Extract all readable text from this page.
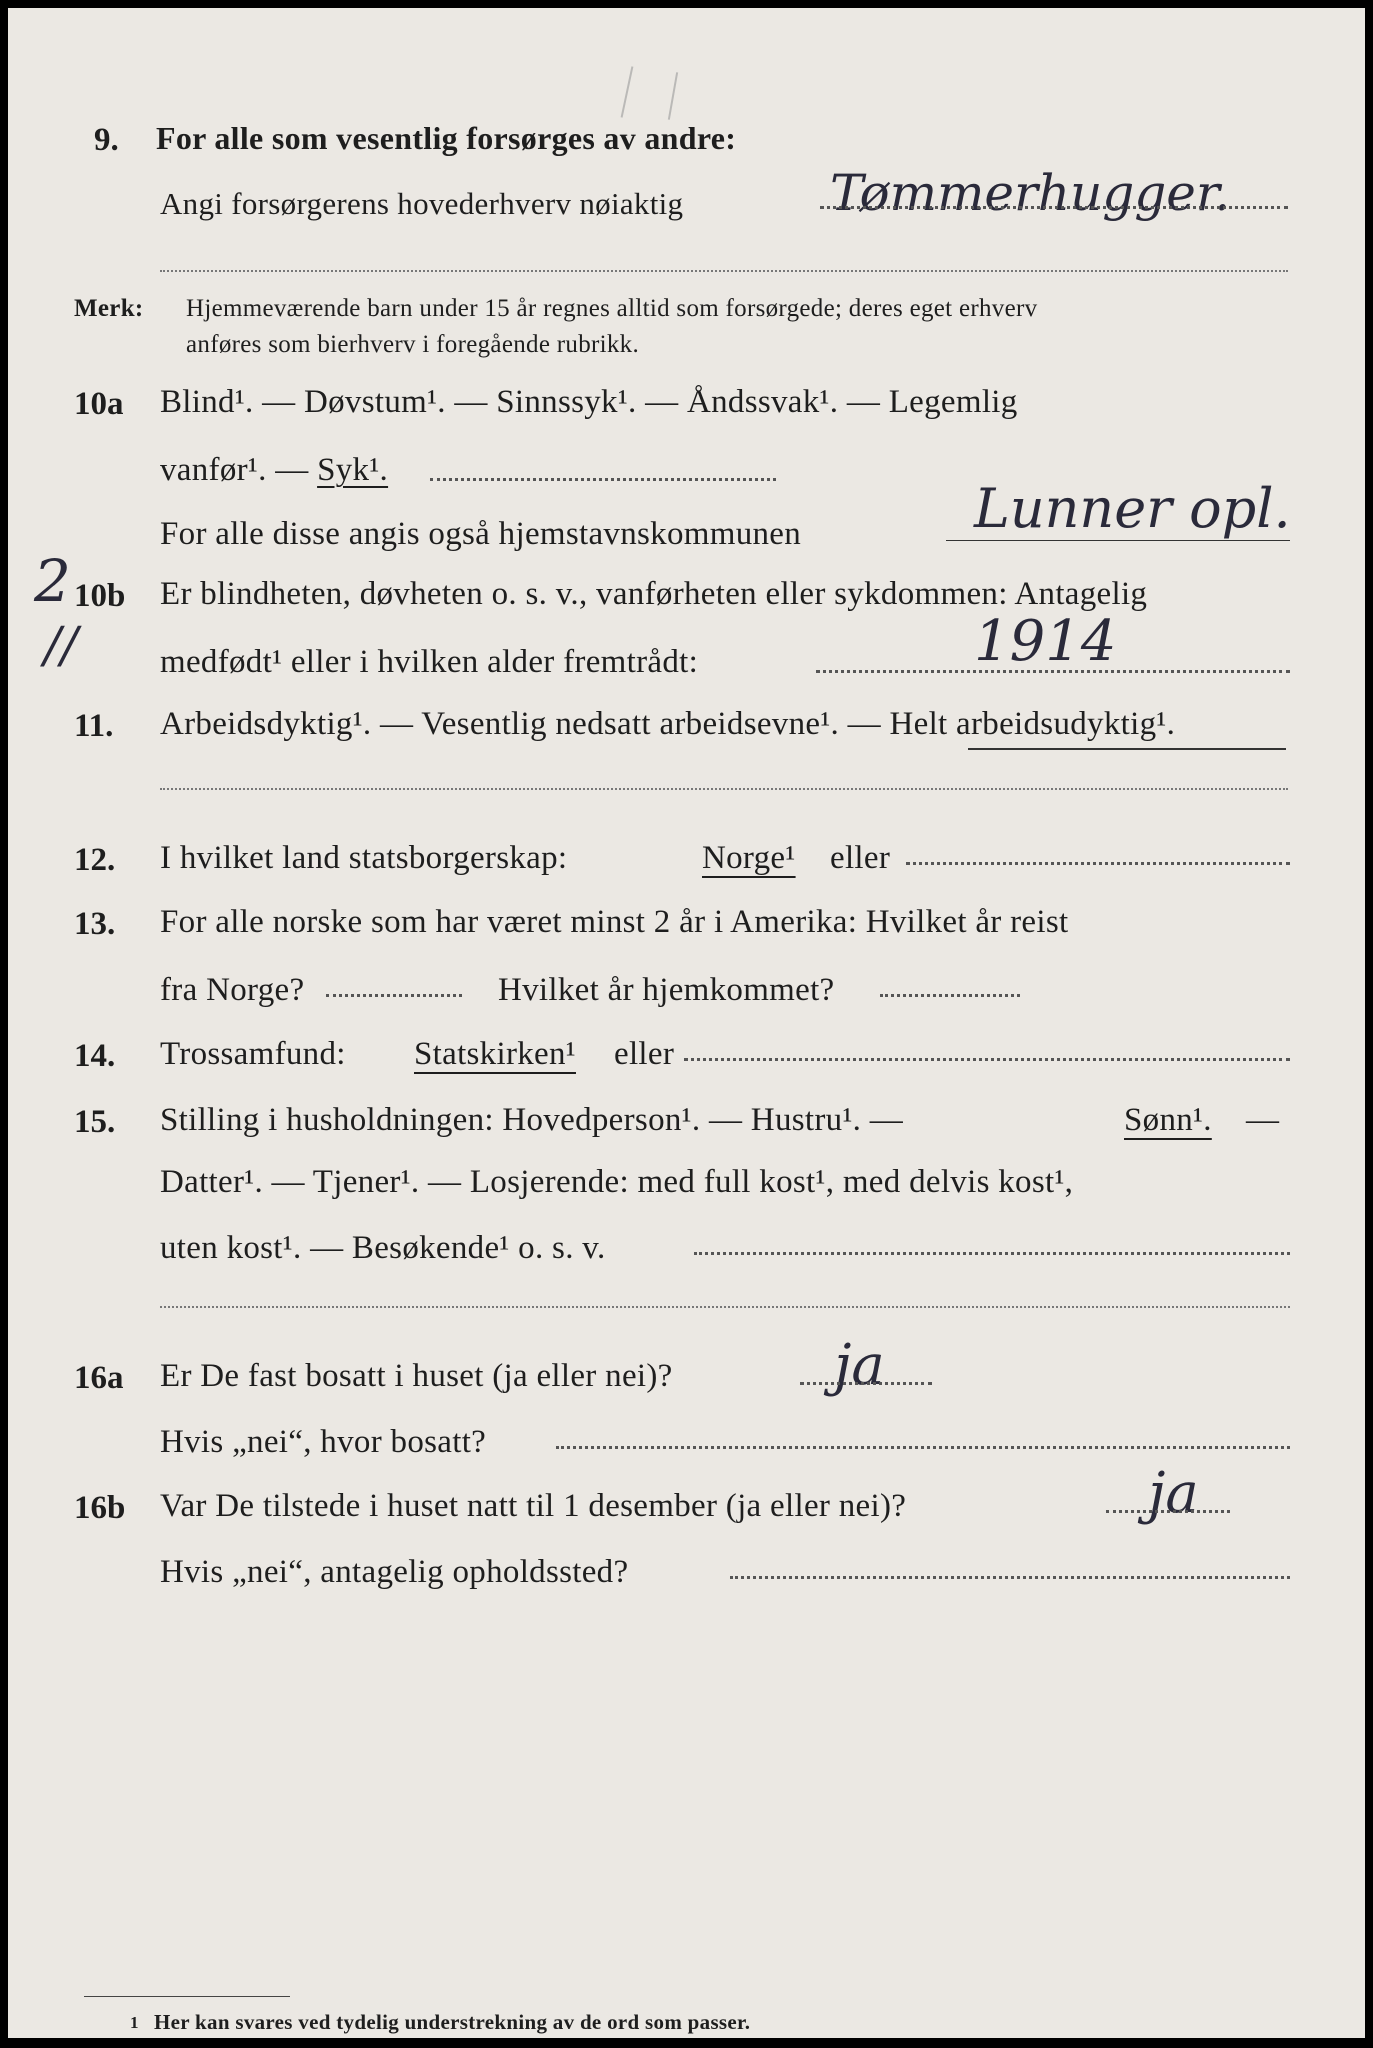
9. For alle som vesentlig forsørges av andre:
Angi forsørgerens hovederhverv nøiaktig	Tømmerhugger.
Merk: Hjemmeværende barn under 15 år regnes alltid som forsørgede; deres eget erhverv
anføres som bierhverv i foregående rubrikk.
10a Blind¹. — Døvstum¹. — Sinnssyk¹. — Åndssvak¹. — Legemlig
vanfør¹. — Syk¹.
For alle disse angis også hjemstavnskommunen	Lunner opl.
2
//
10b Er blindheten, døvheten o. s. v., vanførheten eller sykdommen: Antagelig
medfødt¹ eller i hvilken alder fremtrådt:	1914
11. Arbeidsdyktig¹. — Vesentlig nedsatt arbeidsevne¹. — Helt arbeidsudyktig¹.
12. I hvilket land statsborgerskap:	Norge¹ eller
13. For alle norske som har været minst 2 år i Amerika: Hvilket år reist
fra Norge?	Hvilket år hjemkommet?
14. Trossamfund: Statskirken¹ eller
15. Stilling i husholdningen: Hovedperson¹. — Hustru¹. —	Sønn¹. —
Datter¹. — Tjener¹. — Losjerende: med full kost¹, med delvis kost¹,
uten kost¹. — Besøkende¹ o. s. v.
16a Er De fast bosatt i huset (ja eller nei)?	ja
Hvis „nei“, hvor bosatt?
16b Var De tilstede i huset natt til 1 desember (ja eller nei)?	ja
Hvis „nei“, antagelig opholdssted?
1 Her kan svares ved tydelig understrekning av de ord som passer.
